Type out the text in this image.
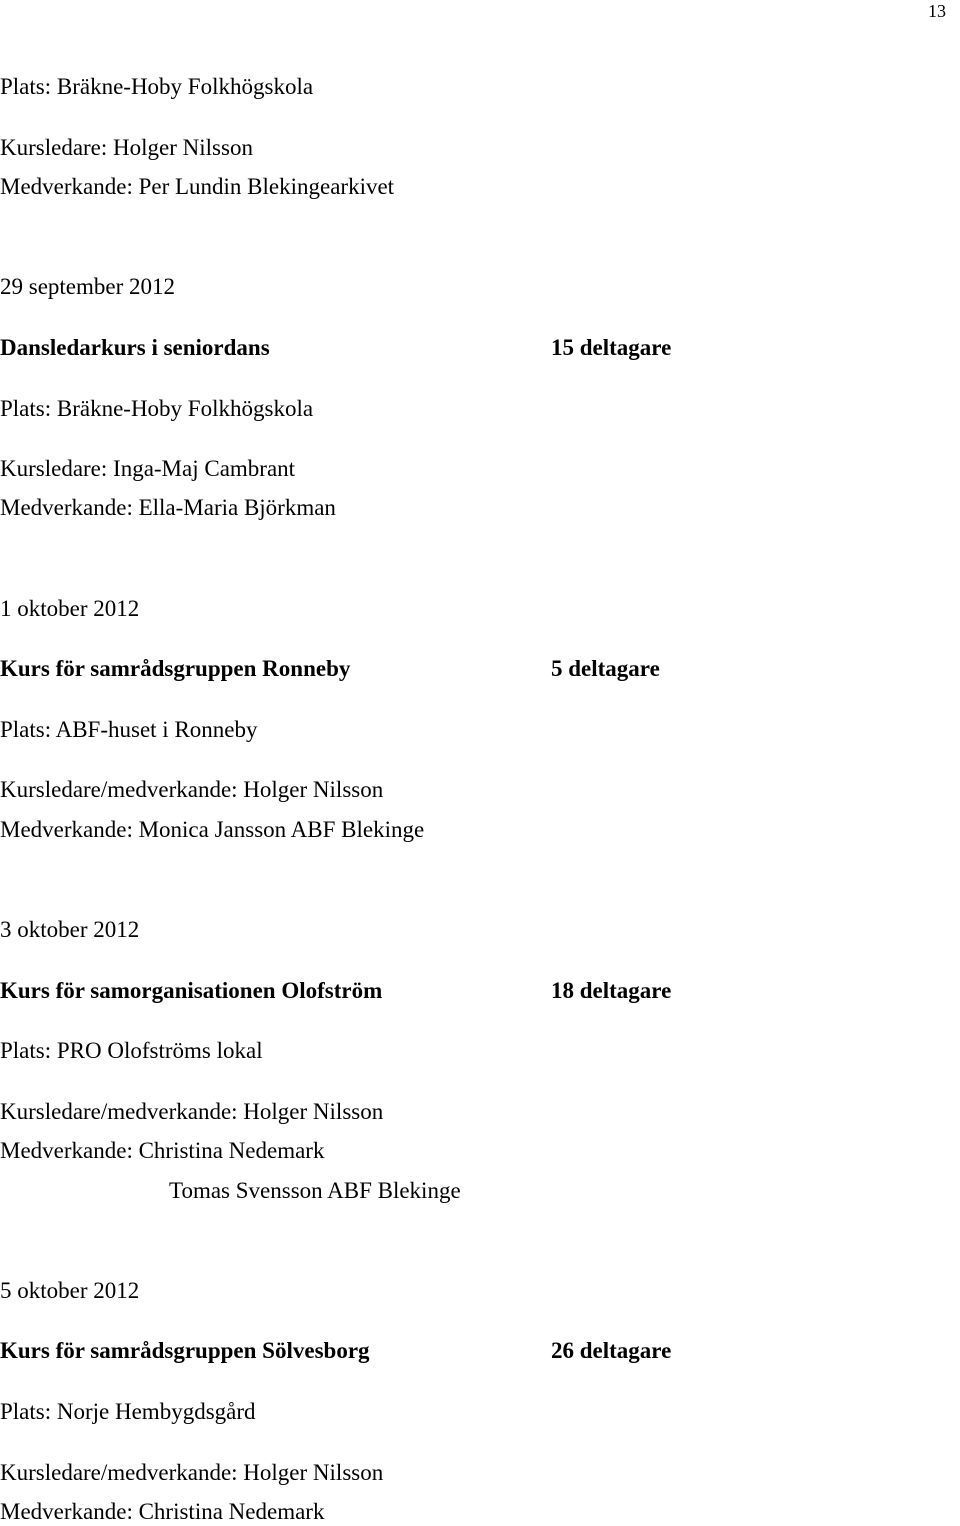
13
Plats: Bräkne-Hoby Folkhögskola
Kursledare: Holger Nilsson
Medverkande: Per Lundin Blekingearkivet
29 september 2012
Dansledarkurs i seniordans	15 deltagare
Plats: Bräkne-Hoby Folkhögskola
Kursledare: Inga-Maj Cambrant
Medverkande: Ella-Maria Björkman
1 oktober 2012
Kurs för samrådsgruppen Ronneby	5 deltagare
Plats: ABF-huset i Ronneby
Kursledare/medverkande: Holger Nilsson
Medverkande: Monica Jansson ABF Blekinge
3 oktober 2012
Kurs för samorganisationen Olofström	18 deltagare
Plats: PRO Olofströms lokal
Kursledare/medverkande: Holger Nilsson
Medverkande: Christina Nedemark
Tomas Svensson ABF Blekinge
5 oktober 2012
Kurs för samrådsgruppen Sölvesborg	26 deltagare
Plats: Norje Hembygdsgård
Kursledare/medverkande: Holger Nilsson
Medverkande: Christina Nedemark
